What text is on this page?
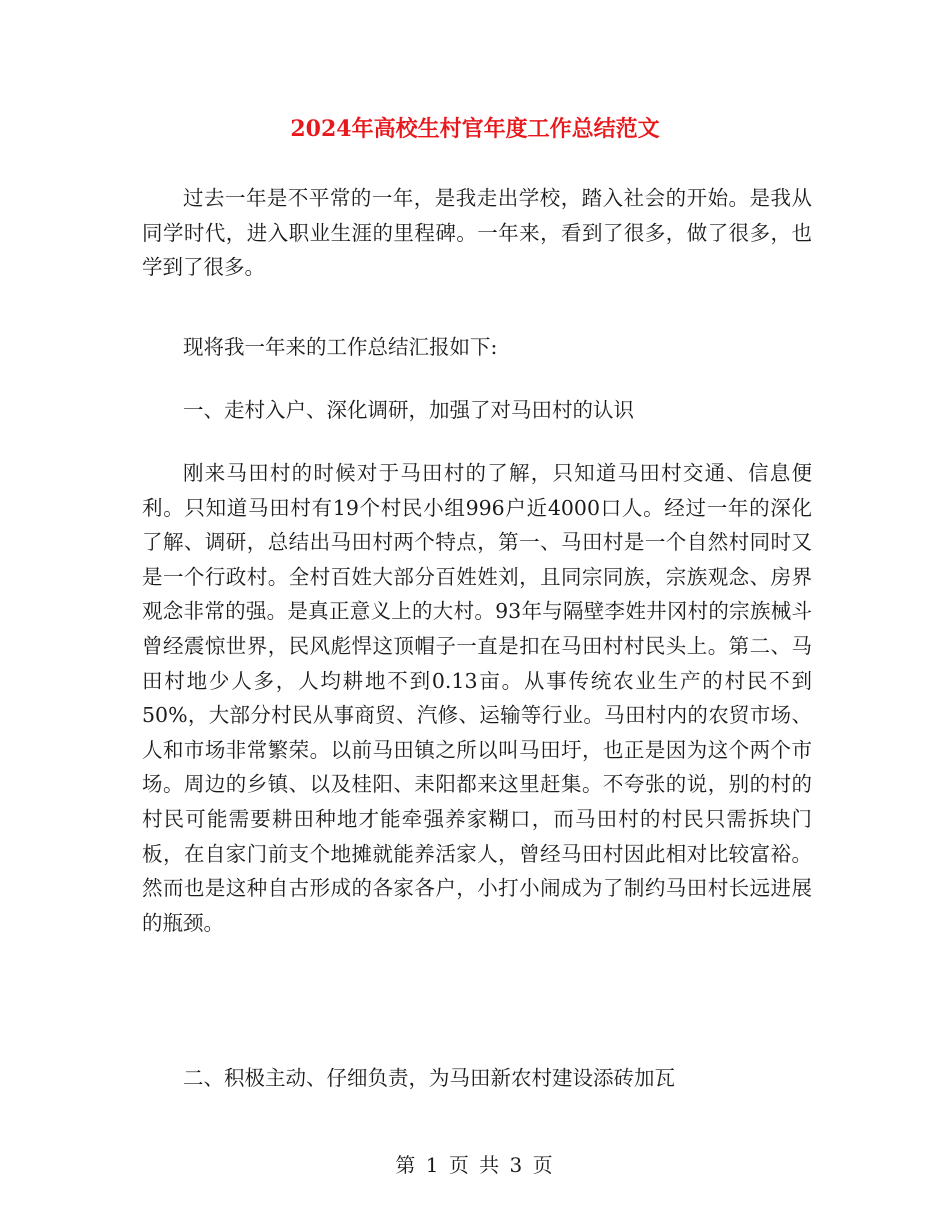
2024年高校生村官年度工作总结范文

过去一年是不平常的一年，是我走出学校，踏入社会的开始。是我从同学时代，进入职业生涯的里程碑。一年来，看到了很多，做了很多，也学到了很多。

现将我一年来的工作总结汇报如下:

一、走村入户、深化调研，加强了对马田村的认识

刚来马田村的时候对于马田村的了解，只知道马田村交通、信息便利。只知道马田村有19个村民小组996户近4000口人。经过一年的深化了解、调研，总结出马田村两个特点，第一、马田村是一个自然村同时又是一个行政村。全村百姓大部分百姓姓刘，且同宗同族，宗族观念、房界观念非常的强。是真正意义上的大村。93年与隔壁李姓井冈村的宗族械斗曾经震惊世界，民风彪悍这顶帽子一直是扣在马田村村民头上。第二、马田村地少人多，人均耕地不到0.13亩。从事传统农业生产的村民不到50%，大部分村民从事商贸、汽修、运输等行业。马田村内的农贸市场、人和市场非常繁荣。以前马田镇之所以叫马田圩，也正是因为这个两个市场。周边的乡镇、以及桂阳、耒阳都来这里赶集。不夸张的说，别的村的村民可能需要耕田种地才能牵强养家糊口，而马田村的村民只需拆块门板，在自家门前支个地摊就能养活家人，曾经马田村因此相对比较富裕。然而也是这种自古形成的各家各户，小打小闹成为了制约马田村长远进展的瓶颈。

二、积极主动、仔细负责，为马田新农村建设添砖加瓦

第 1 页 共 3 页
